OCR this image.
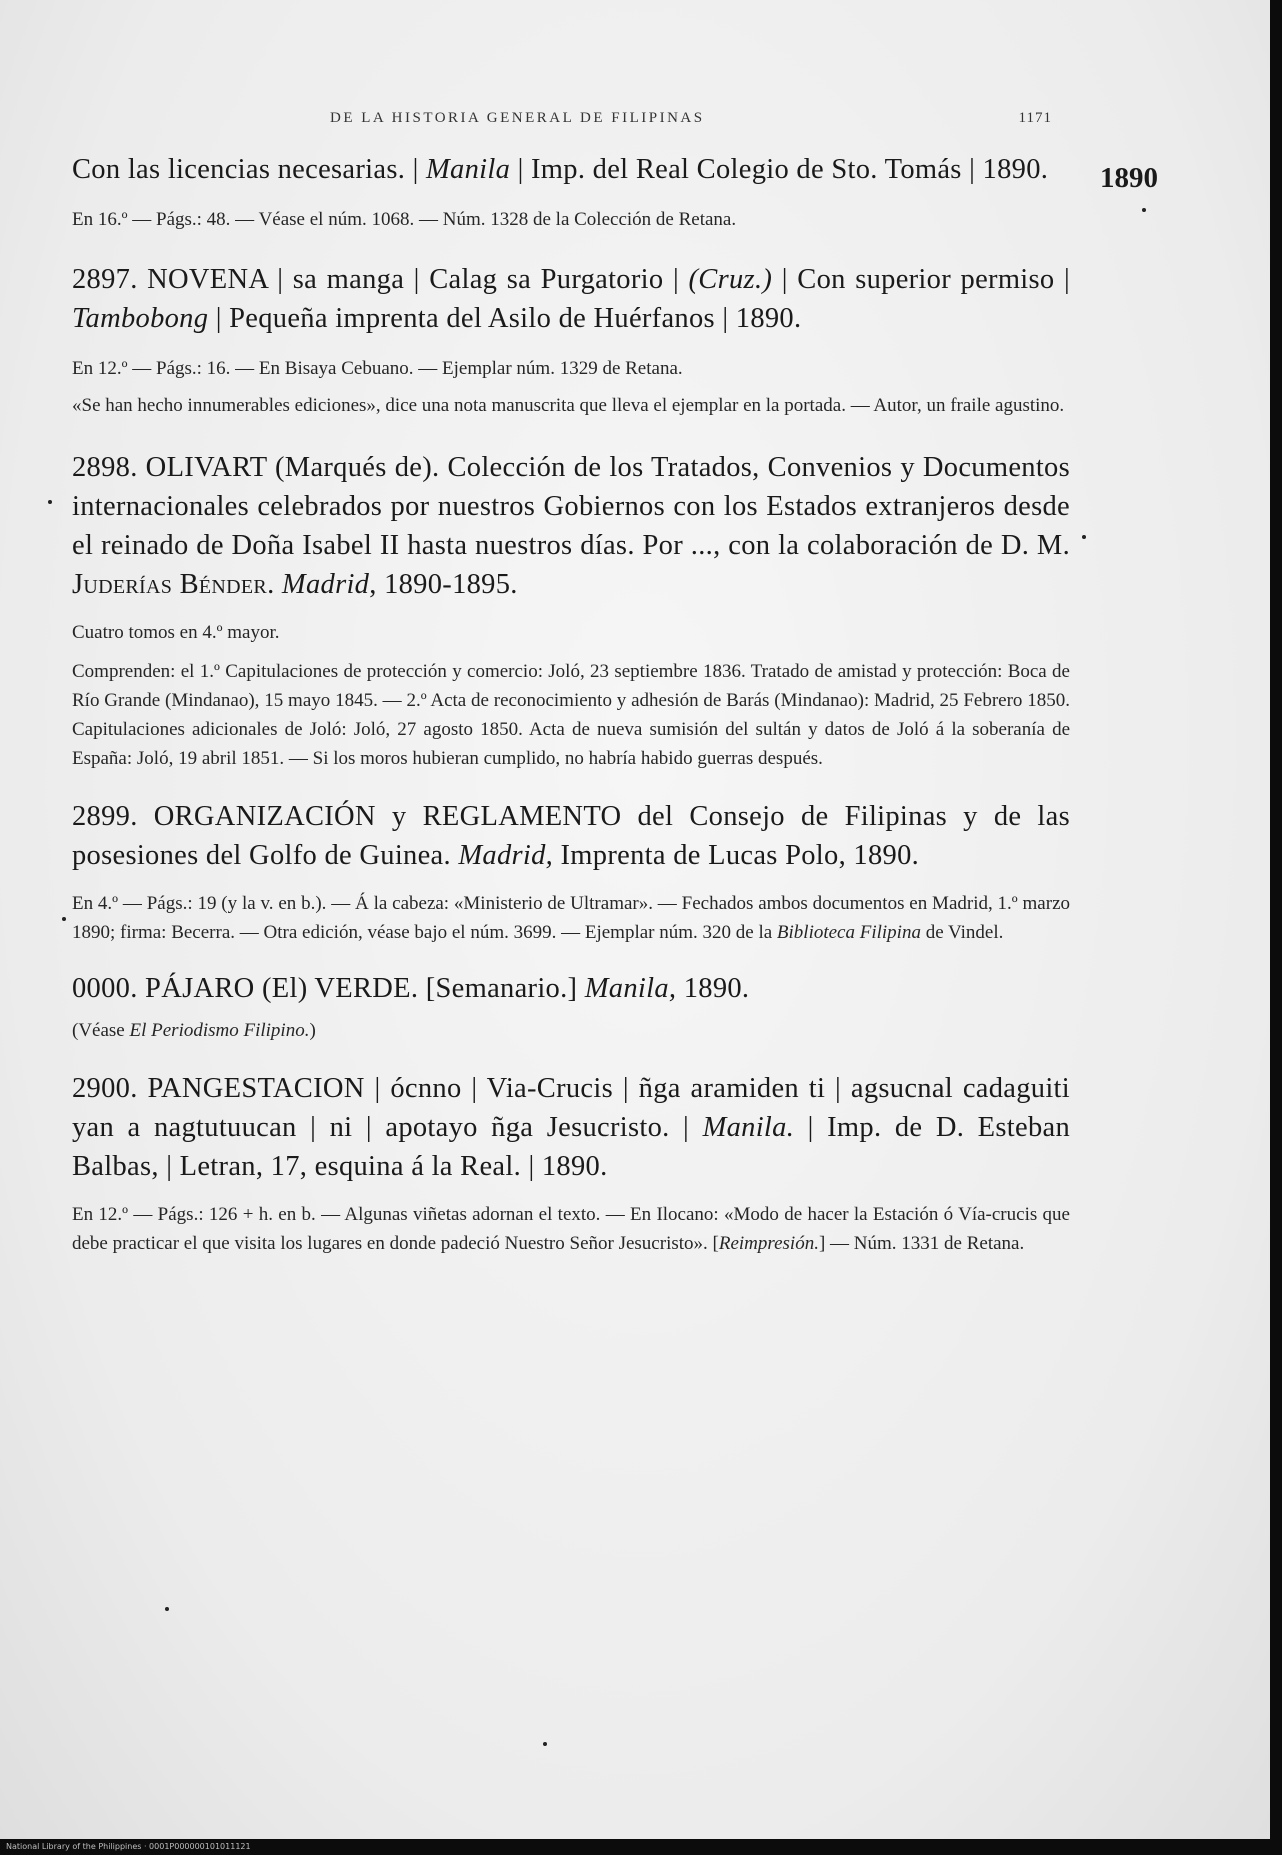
DE LA HISTORIA GENERAL DE FILIPINAS	1171
1890

Con las licencias necesarias. | Manila | Imp. del Real Colegio de Sto. Tomás | 1890.

En 16.º — Págs.: 48. — Véase el núm. 1068. — Núm. 1328 de la Colección de Retana.

2897. NOVENA | sa manga | Calag sa Purgatorio | (Cruz.) | Con superior permiso | Tambobong | Pequeña imprenta del Asilo de Huérfanos | 1890.

En 12.º — Págs.: 16. — En Bisaya Cebuano. — Ejemplar núm. 1329 de Retana.

«Se han hecho innumerables ediciones», dice una nota manuscrita que lleva el ejemplar en la portada. — Autor, un fraile agustino.

2898. OLIVART (Marqués de). Colección de los Tratados, Convenios y Documentos internacionales celebrados por nuestros Gobiernos con los Estados extranjeros desde el reinado de Doña Isabel II hasta nuestros días. Por ..., con la colaboración de D. M. Juderías Bénder. Madrid, 1890-1895.

Cuatro tomos en 4.º mayor.

Comprenden: el 1.º Capitulaciones de protección y comercio: Joló, 23 septiembre 1836. Tratado de amistad y protección: Boca de Río Grande (Mindanao), 15 mayo 1845. — 2.º Acta de reconocimiento y adhesión de Barás (Mindanao): Madrid, 25 Febrero 1850. Capitulaciones adicionales de Joló: Joló, 27 agosto 1850. Acta de nueva sumisión del sultán y datos de Joló á la soberanía de España: Joló, 19 abril 1851. — Si los moros hubieran cumplido, no habría habido guerras después.

2899. ORGANIZACIÓN y REGLAMENTO del Consejo de Filipinas y de las posesiones del Golfo de Guinea. Madrid, Imprenta de Lucas Polo, 1890.

En 4.º — Págs.: 19 (y la v. en b.). — Á la cabeza: «Ministerio de Ultramar». — Fechados ambos documentos en Madrid, 1.º marzo 1890; firma: Becerra. — Otra edición, véase bajo el núm. 3699. — Ejemplar núm. 320 de la Biblioteca Filipina de Vindel.

0000. PÁJARO (El) VERDE. [Semanario.] Manila, 1890.

(Véase El Periodismo Filipino.)

2900. PANGESTACION | ócnno | Via-Crucis | ñga aramiden ti | agsucnal cadaguiti yan a nagtutuucan | ni | apotayo ñga Jesucristo. | Manila. | Imp. de D. Esteban Balbas, | Letran, 17, esquina á la Real. | 1890.

En 12.º — Págs.: 126 + h. en b. — Algunas viñetas adornan el texto. — En Ilocano: «Modo de hacer la Estación ó Vía-crucis que debe practicar el que visita los lugares en donde padeció Nuestro Señor Jesucristo». [Reimpresión.] — Núm. 1331 de Retana.

National Library of the Philippines · 0001P000000101011121
